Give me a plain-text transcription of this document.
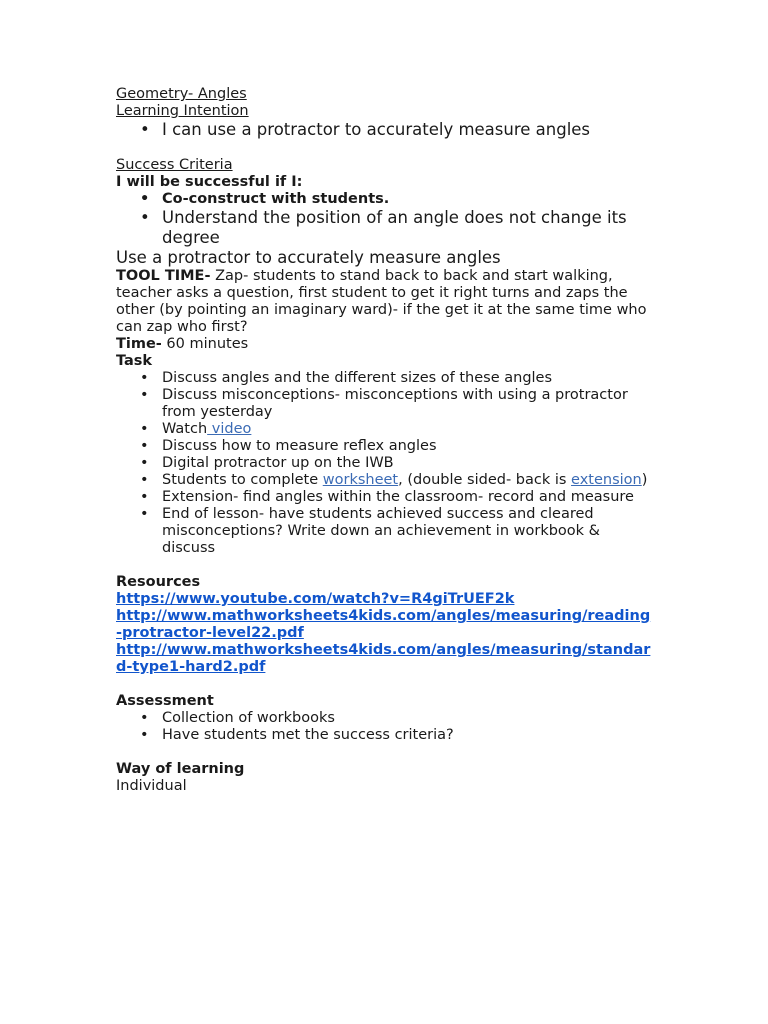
Geometry- Angles

Learning Intention

• I can use a protractor to accurately measure angles

Success Criteria

I will be successful if I:

• Co-construct with students.
• Understand the position of an angle does not change its degree

Use a protractor to accurately measure angles

TOOL TIME- Zap- students to stand back to back and start walking, teacher asks a question, first student to get it right turns and zaps the other (by pointing an imaginary ward)- if the get it at the same time who can zap who first?

Time- 60 minutes

Task

• Discuss angles and the different sizes of these angles
• Discuss misconceptions- misconceptions with using a protractor from yesterday
• Watch video
• Discuss how to measure reflex angles
• Digital protractor up on the IWB
• Students to complete worksheet, (double sided- back is extension)
• Extension- find angles within the classroom- record and measure
• End of lesson- have students achieved success and cleared misconceptions? Write down an achievement in workbook & discuss

Resources

https://www.youtube.com/watch?v=R4giTrUEF2k

http://www.mathworksheets4kids.com/angles/measuring/reading-protractor-level22.pdf

http://www.mathworksheets4kids.com/angles/measuring/standard-type1-hard2.pdf

Assessment

• Collection of workbooks
• Have students met the success criteria?

Way of learning

Individual
